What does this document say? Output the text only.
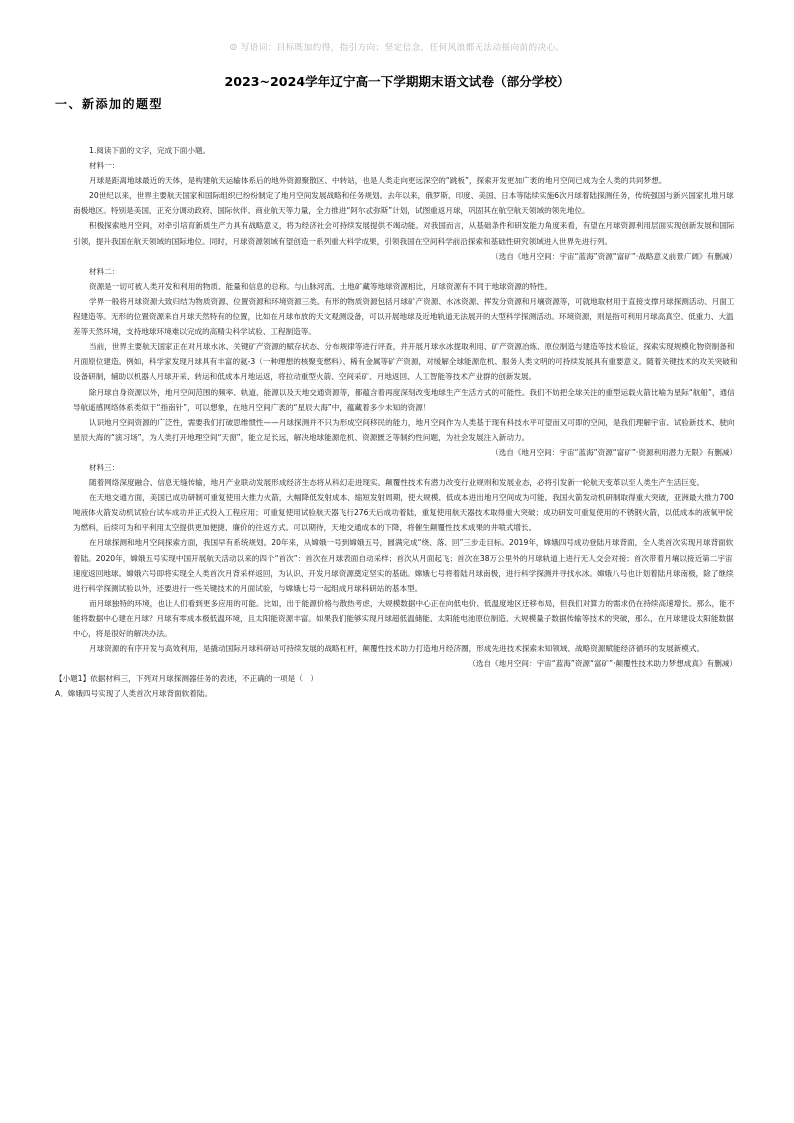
☺ 写语词：目标既加约得，指引方向；坚定信念，任何风浪都无法动摇向前的决心。
2023~2024学年辽宁高一下学期期末语文试卷（部分学校）
一、新添加的题型

1.阅读下面的文字，完成下面小题。

材料一：

月球是距离地球最近的天体，是构建航天运输体系后的地外资源聚散区、中转站，也是人类走向更远深空的“跳板”，探索开发更加广袤的地月空间已成为全人类的共同梦想。

20世纪以来，世界主要航天国家和国际组织已纷纷制定了地月空间发展战略和任务规划。去年以来，俄罗斯、印度、美国、日本等陆续实施6次月球着陆探测任务，传统强国与新兴国家扎堆月球南极地区。特别是美国，正充分调动政府、国际伙伴、商业航天等力量，全力推进“阿尔忒弥斯”计划，试图重返月球，巩固其在航空航天领域的领先地位。

积极探索地月空间，对牵引培育新质生产力具有战略意义，将为经济社会可持续发展提供不竭动能。对我国而言，从基础条件和研发能力角度来看，有望在月球资源利用层面实现创新发展和国际引领，提升我国在航天领域的国际地位。同时，月球资源领域有望创造一系列重大科学成果，引领我国在空间科学前沿探索和基础性研究领域进入世界先进行列。

（选自《地月空间：宇宙“蓝海”资源“富矿”·战略意义前景广阔》有删减）

材料二：

资源是一切可被人类开发和利用的物质、能量和信息的总称。与山脉河流、土地矿藏等地球资源相比，月球资源有不同于地球资源的特性。

学界一般将月球资源大致归结为物质资源、位置资源和环境资源三类。有形的物质资源包括月球矿产资源、水冰资源、挥发分资源和月壤资源等，可就地取材用于直接支撑月球探测活动、月面工程建造等。无形的位置资源来自月球天然特有的位置，比如在月球布放的天文观测设备，可以开展地球及近地轨道无法展开的大型科学探测活动。环境资源，则是指可利用月球高真空、低重力、大温差等天然环境，支持地球环境难以完成的高精尖科学试验、工程制造等。

当前，世界主要航天国家正在对月球水冰、关键矿产资源的赋存状态、分布规律等进行评查，并开展月球水冰提取利用、矿产资源冶炼、原位制造与建造等技术验证，探索实现规模化物资制备和月面原位建造。例如，科学家发现月球具有丰富的氦-3（一种理想的核聚变燃料）、稀有金属等矿产资源，对缓解全球能源危机、服务人类文明的可持续发展具有重要意义。随着关键技术的攻关突破和设备研制，辅助以机器人月球开采、转运和低成本月地运返，将拉动重型火箭、空间采矿、月地返回、人工智能等技术产业群的创新发展。

除月球自身资源以外，地月空间范围的频率、轨道、能源以及天地交通资源等，都蕴含着再度深刻改变地球生产生活方式的可能性。我们不妨把全球关注的重型运载火箭比喻为星际“航船”，通信导航遥感网络体系类似于“指南针”，可以想象，在地月空间广袤的“星辰大海”中，蕴藏着多少未知的资源！

认识地月空间资源的广泛性，需要我们打破思维惯性——月球探测并不只为形成空间移民的能力，地月空间作为人类基于现有科技水平可望而又可即的空间，是我们理解宇宙、试验新技术、驶向星辰大海的“演习场”，为人类打开地理空间“天窗”，能立足长远，解决地球能源危机、资源匮乏等制约性问题，为社会发展注入新动力。

（选自《地月空间：宇宙“蓝海”资源“富矿”·资源利用潜力无限》有删减）

材料三：

随着网络深度融合、信息无缝传输，地月产业联动发展形成经济生态将从科幻走进现实。颠覆性技术有潜力改变行业规则和发展业态，必将引发新一轮航天变革以至人类生产生活巨变。

在天地交通方面，美国已成功研制可重复使用大推力火箭，大幅降低发射成本、缩短发射周期，使大规模、低成本进出地月空间成为可能。我国火箭发动机研制取得重大突破，亚洲最大推力700吨液体火箭发动机试验台试车成功并正式投入工程应用；可重复使用试验航天器飞行276天后成功着陆，重复使用航天器技术取得重大突破；成功研发可重复使用的不锈钢火箭，以低成本的液氧甲烷为燃料，后续可为和平利用太空提供更加便捷、廉价的往返方式。可以期待，天地交通成本的下降，将催生颠覆性技术成果的井喷式增长。

在月球探测和地月空间探索方面，我国早有系统规划。20年来，从嫦娥一号到嫦娥五号，圆满完成“绕、落、回”三步走目标。2019年，嫦娥四号成功登陆月球背面，全人类首次实现月球背面软着陆。2020年，嫦娥五号实现中国开展航天活动以来的四个“首次”：首次在月球表面自动采样；首次从月面起飞；首次在38万公里外的月球轨道上进行无人交会对接；首次带着月壤以接近第二宇宙速度返回地球。嫦娥六号即将实现全人类首次月背采样返回，为认识、开发月球资源奠定坚实的基础。嫦娥七号将着陆月球南极，进行科学探测并寻找水冰。嫦娥八号也计划着陆月球南极，除了继续进行科学探测试验以外，还要进行一些关键技术的月面试验，与嫦娥七号一起组成月球科研站的基本型。

而月球独特的环境，也让人们看到更多应用的可能。比如，出于能源价格与散热考虑，大规模数据中心正在向低电价、低温度地区迁移布局，但我们对算力的需求仍在持续高速增长。那么，能不能将数据中心建在月球？月球有零成本极低温环境，且太阳能资源丰富。如果我们能够实现月球超低温储能、太阳能电池原位制造、大规模量子数据传输等技术的突破，那么，在月球建设太阳能数据中心，将是很好的解决办法。

月球资源的有序开发与高效利用，是撬动国际月球科研站可持续发展的战略杠杆，颠覆性技术助力打造地月经济圈，形成先进技术探索未知领域、战略资源赋能经济循环的发展新模式。

（选自《地月空间：宇宙“蓝海”资源“富矿”·颠覆性技术助力梦想成真》有删减）

【小题1】依据材料三，下列对月球探测器任务的表述，不正确的一项是（　）

A．嫦娥四号实现了人类首次月球背面软着陆。
